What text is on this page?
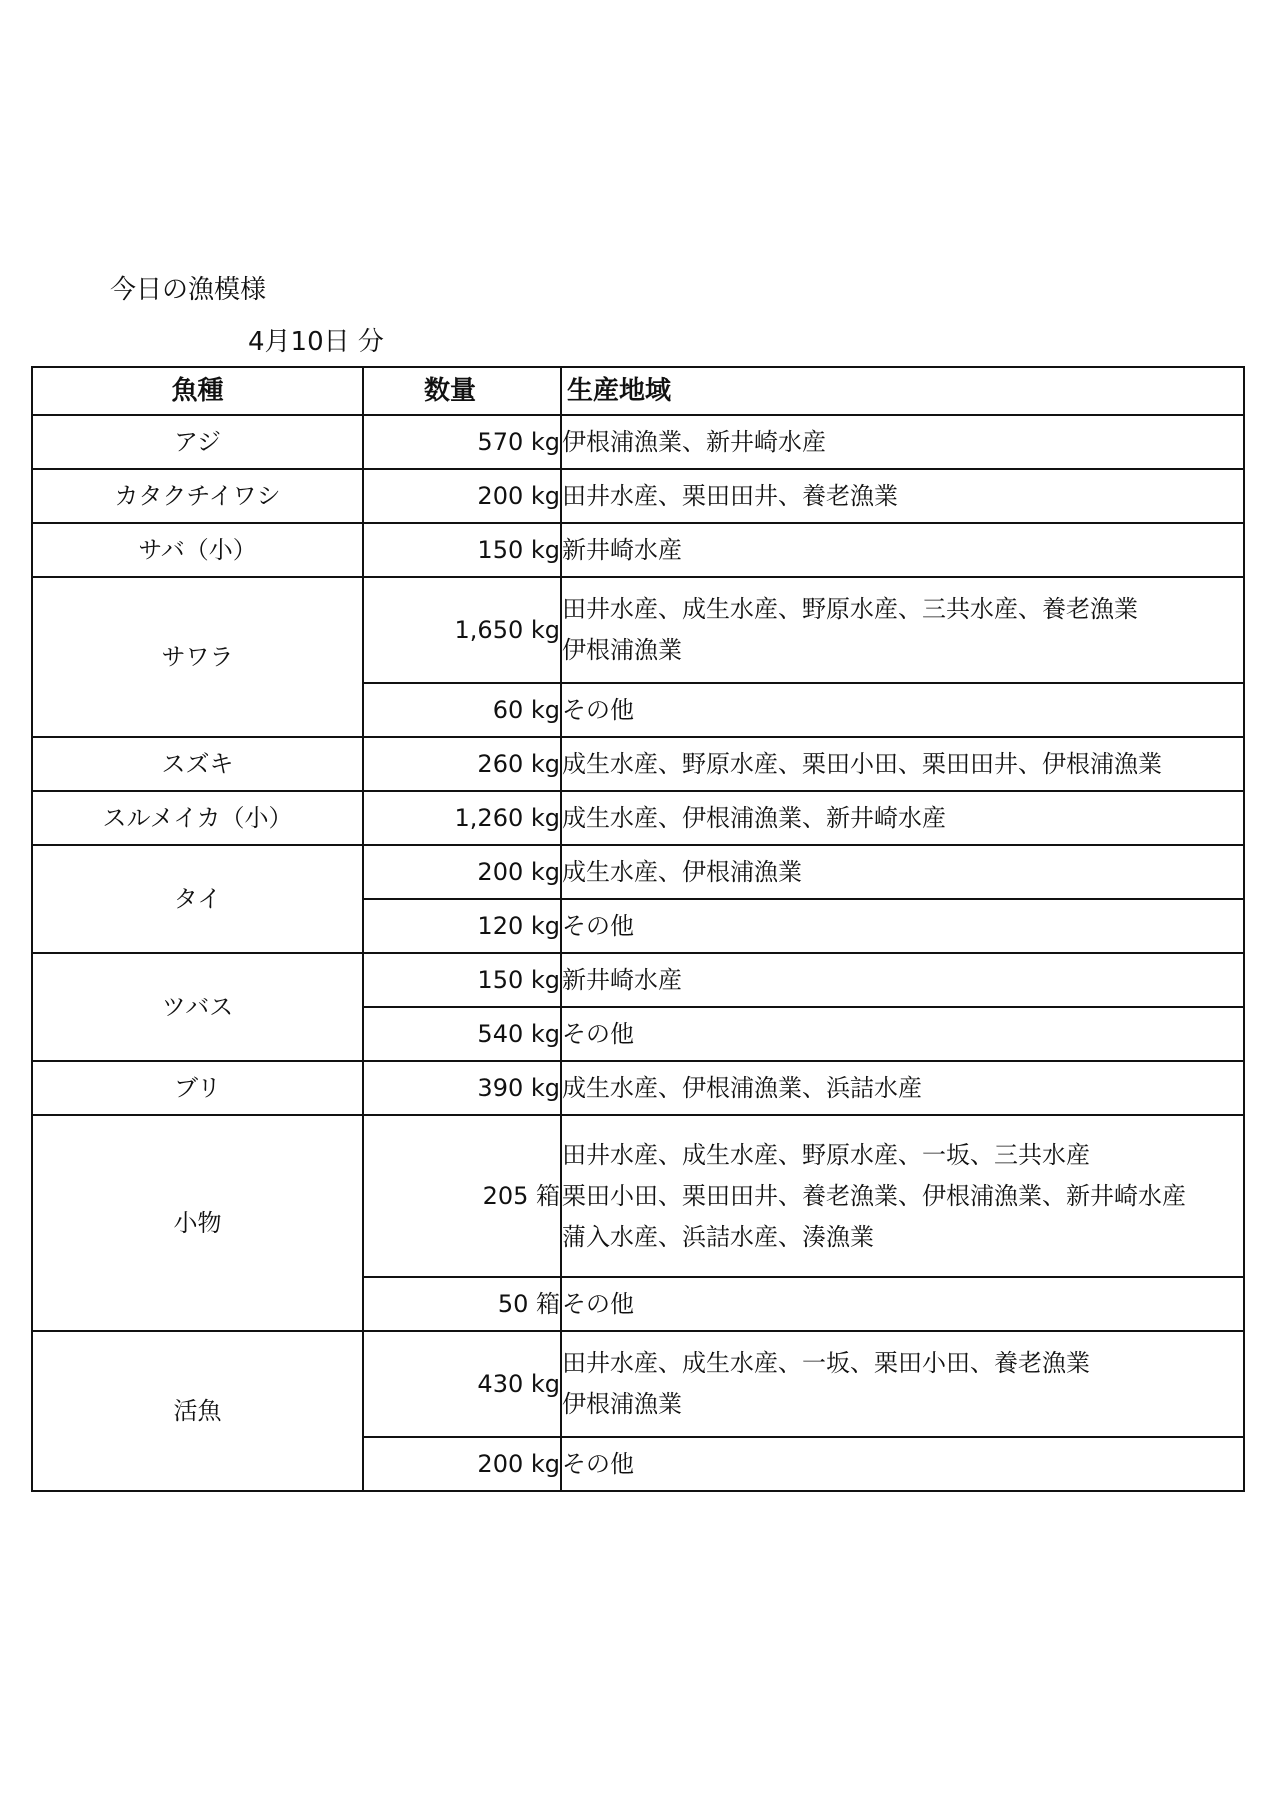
今日の漁模様
4月10日 分
魚種	数量	生産地域
アジ	570 kg	伊根浦漁業、新井崎水産

カタクチイワシ	200 kg	田井水産、栗田田井、養老漁業

サバ（小）	150 kg	新井崎水産

サワラ	1,650 kg	田井水産、成生水産、野原水産、三共水産、養老漁業
伊根浦漁業

	60 kg	その他

スズキ	260 kg	成生水産、野原水産、栗田小田、栗田田井、伊根浦漁業

スルメイカ（小）	1,260 kg	成生水産、伊根浦漁業、新井崎水産

タイ	200 kg	成生水産、伊根浦漁業

	120 kg	その他

ツバス	150 kg	新井崎水産

	540 kg	その他

ブリ	390 kg	成生水産、伊根浦漁業、浜詰水産

小物	205 箱	田井水産、成生水産、野原水産、一坂、三共水産
栗田小田、栗田田井、養老漁業、伊根浦漁業、新井崎水産
蒲入水産、浜詰水産、湊漁業

	50 箱	その他

活魚	430 kg	田井水産、成生水産、一坂、栗田小田、養老漁業
伊根浦漁業

	200 kg	その他
